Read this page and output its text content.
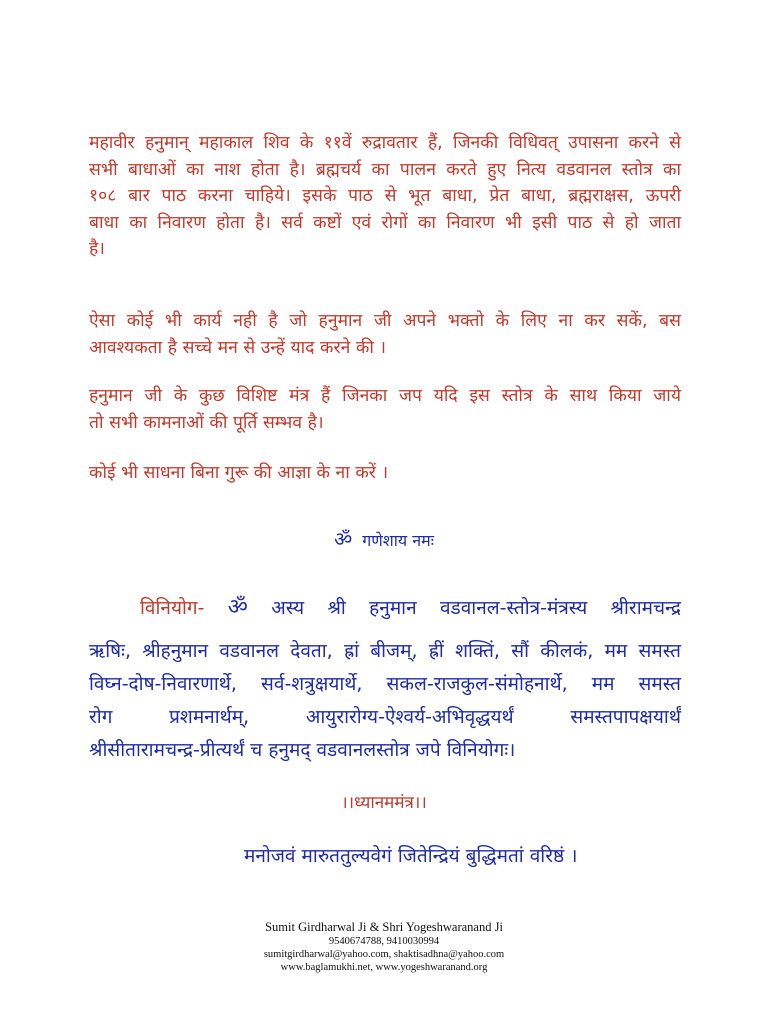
महावीर हनुमान् महाकाल शिव के ११वें रुद्रावतार हैं, जिनकी विधिवत् उपासना करने से
सभी बाधाओं का नाश होता है। ब्रह्मचर्य का पालन करते हुए नित्य वडवानल स्तोत्र का
१०८ बार पाठ करना चाहिये। इसके पाठ से भूत बाधा, प्रेत बाधा, ब्रह्मराक्षस, ऊपरी
बाधा का निवारण होता है। सर्व कष्टों एवं रोगों का निवारण भी इसी पाठ से हो जाता
है।
ऐसा कोई भी कार्य नही है जो हनुमान जी अपने भक्तो के लिए ना कर सकें, बस
आवश्यकता है सच्चे मन से उन्हें याद करने की ।
हनुमान जी के कुछ विशिष्ट मंत्र हैं जिनका जप यदि इस स्तोत्र के साथ किया जाये
तो सभी कामनाओं की पूर्ति सम्भव है।
कोई भी साधना बिना गुरू की आज्ञा के ना करें ।
ॐ गणेशाय नमः
विनियोग- ॐ अस्य श्री हनुमान वडवानल-स्तोत्र-मंत्रस्य श्रीरामचन्द्र
ऋषिः, श्रीहनुमान वडवानल देवता, ह्रां बीजम्, ह्रीं शक्तिं, सौं कीलकं, मम समस्त
विघ्न-दोष-निवारणार्थे, सर्व-शत्रुक्षयार्थे, सकल-राजकुल-संमोहनार्थे, मम समस्त
रोग प्रशमनार्थम्, आयुरारोग्य-ऐश्वर्य-अभिवृद्धयर्थं समस्तपापक्षयार्थं
श्रीसीतारामचन्द्र-प्रीत्यर्थं च हनुमद् वडवानलस्तोत्र जपे विनियोगः।
।।ध्यानममंत्र।।
मनोजवं मारुततुल्यवेगं जितेन्द्रियं बुद्धिमतां वरिष्ठं ।
Sumit Girdharwal Ji & Shri Yogeshwaranand Ji
9540674788, 9410030994
sumitgirdharwal@yahoo.com, shaktisadhna@yahoo.com
www.baglamukhi.net, www.yogeshwaranand.org
